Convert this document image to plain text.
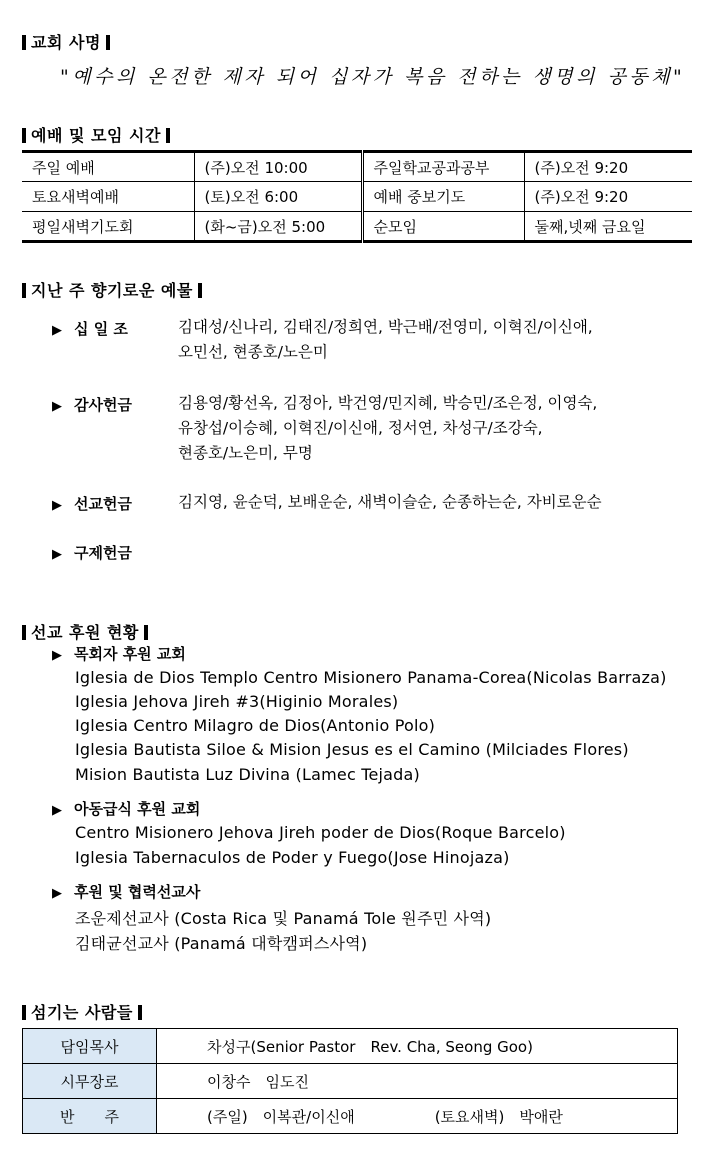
교회 사명
"예수의 온전한 제자 되어 십자가 복음 전하는 생명의 공동체"
예배 및 모임 시간
주일 예배	(주)오전 10:00	주일학교공과공부	(주)오전 9:20
토요새벽예배	(토)오전 6:00	예배 중보기도	(주)오전 9:20
평일새벽기도회	(화~금)오전 5:00	순모임	둘째,넷째 금요일
지난 주 향기로운 예물
▶ 십 일 조	김대성/신나리, 김태진/정희연, 박근배/전영미, 이혁진/이신애,
오민선, 현종호/노은미
▶ 감사헌금	김용영/황선옥, 김정아, 박건영/민지혜, 박승민/조은정, 이영숙,
유창섭/이승혜, 이혁진/이신애, 정서연, 차성구/조강숙,
현종호/노은미, 무명
▶ 선교헌금	김지영, 윤순덕, 보배운순, 새벽이슬순, 순종하는순, 자비로운순
▶ 구제헌금
선교 후원 현황
▶ 목회자 후원 교회
Iglesia de Dios Templo Centro Misionero Panama-Corea(Nicolas Barraza)
Iglesia Jehova Jireh #3(Higinio Morales)
Iglesia Centro Milagro de Dios(Antonio Polo)
Iglesia Bautista Siloe & Mision Jesus es el Camino (Milciades Flores)
Mision Bautista Luz Divina (Lamec Tejada)
▶ 아동급식 후원 교회
Centro Misionero Jehova Jireh poder de Dios(Roque Barcelo)
Iglesia Tabernaculos de Poder y Fuego(Jose Hinojaza)
▶ 후원 및 협력선교사
조운제선교사 (Costa Rica 및 Panamá Tole 원주민 사역)
김태균선교사 (Panamá 대학캠퍼스사역)
섬기는 사람들
담임목사	차성구(Senior Pastor　Rev. Cha, Seong Goo)
시무장로	이창수　임도진
반　　주	(주일)　이복관/이신애 (토요새벽)　박애란
